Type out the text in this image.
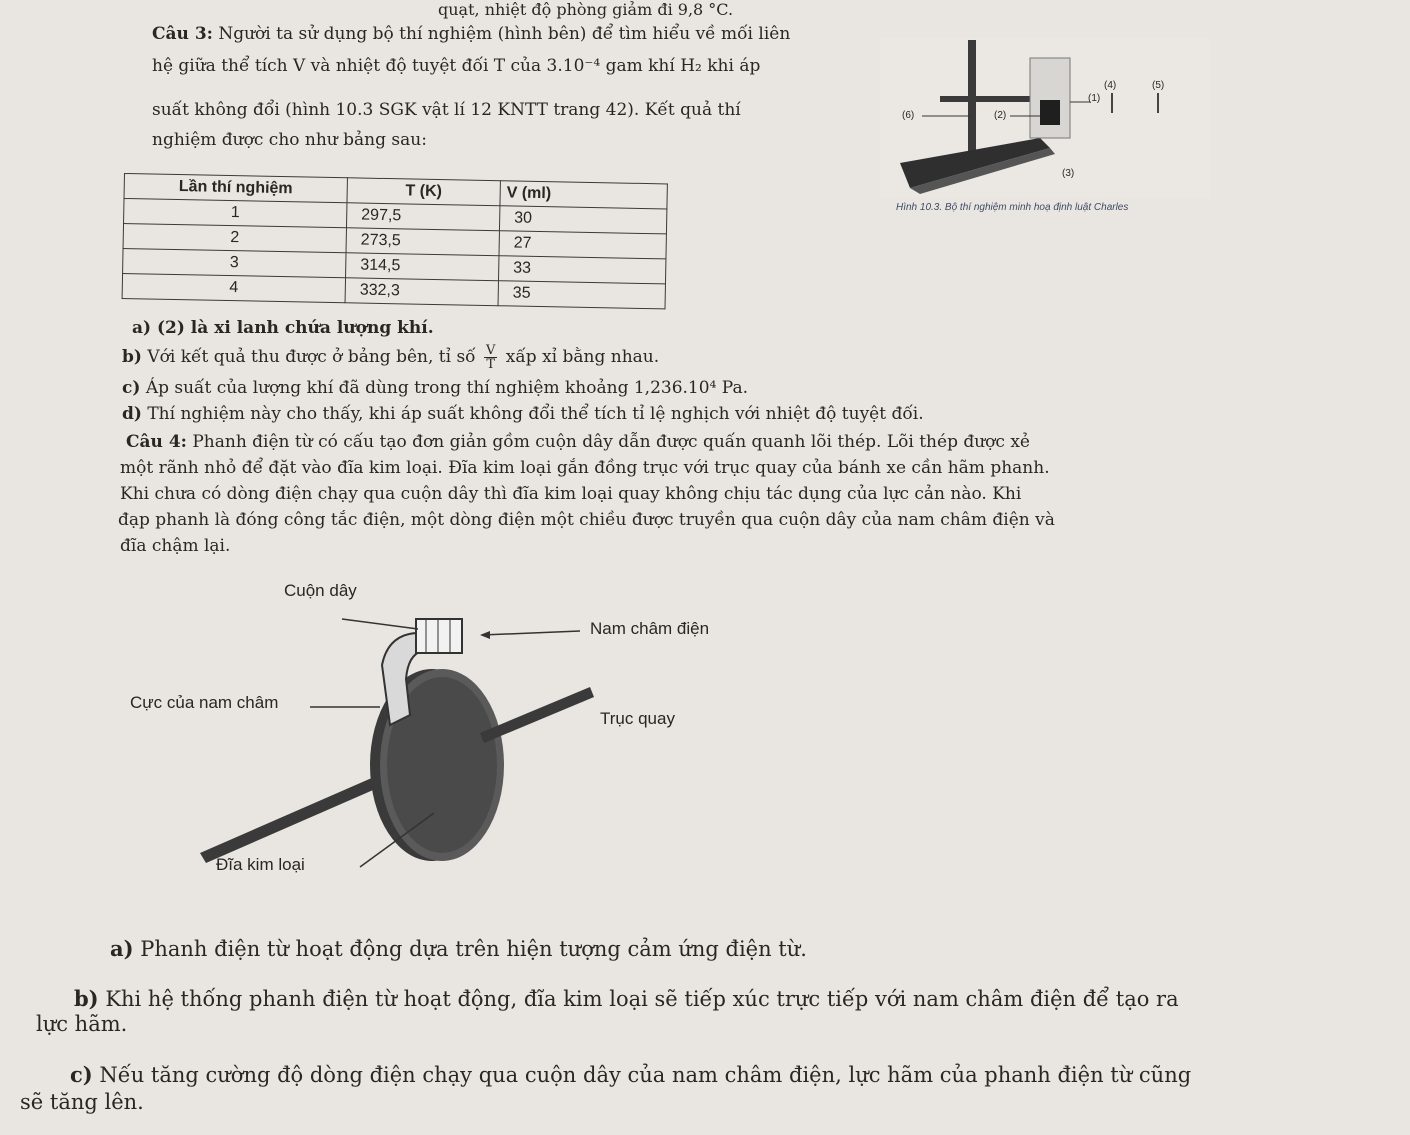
quạt, nhiệt độ phòng giảm đi 9,8 °C.
Câu 3: Người ta sử dụng bộ thí nghiệm (hình bên) để tìm hiểu về mối liên
hệ giữa thể tích V và nhiệt độ tuyệt đối T của 3.10⁻⁴ gam khí H₂ khi áp
suất không đổi (hình 10.3 SGK vật lí 12 KNTT trang 42). Kết quả thí
nghiệm được cho như bảng sau:
(1)
(2)
(3)
(4)	(5)
(6)
Hình 10.3. Bộ thí nghiệm minh hoạ định luật Charles
Lần thí nghiệm	T (K)	V (ml)
1	297,5	30
2	273,5	27
3	314,5	33
4	332,3	35
a) (2) là xi lanh chứa lượng khí.
b) Với kết quả thu được ở bảng bên, tỉ số $\frac{V}{T}$ xấp xỉ bằng nhau.
c) Áp suất của lượng khí đã dùng trong thí nghiệm khoảng 1,236.10⁴ Pa.
d) Thí nghiệm này cho thấy, khi áp suất không đổi thể tích tỉ lệ nghịch với nhiệt độ tuyệt đối.
Câu 4: Phanh điện từ có cấu tạo đơn giản gồm cuộn dây dẫn được quấn quanh lõi thép. Lõi thép được xẻ
một rãnh nhỏ để đặt vào đĩa kim loại. Đĩa kim loại gắn đồng trục với trục quay của bánh xe cần hãm phanh.
Khi chưa có dòng điện chạy qua cuộn dây thì đĩa kim loại quay không chịu tác dụng của lực cản nào. Khi
đạp phanh là đóng công tắc điện, một dòng điện một chiều được truyền qua cuộn dây của nam châm điện và
đĩa chậm lại.
Cuộn dây
Nam châm điện
Cực của nam châm
Trục quay
Đĩa kim loại
a) Phanh điện từ hoạt động dựa trên hiện tượng cảm ứng điện từ.
b) Khi hệ thống phanh điện từ hoạt động, đĩa kim loại sẽ tiếp xúc trực tiếp với nam châm điện để tạo ra
lực hãm.
c) Nếu tăng cường độ dòng điện chạy qua cuộn dây của nam châm điện, lực hãm của phanh điện từ cũng
sẽ tăng lên.
